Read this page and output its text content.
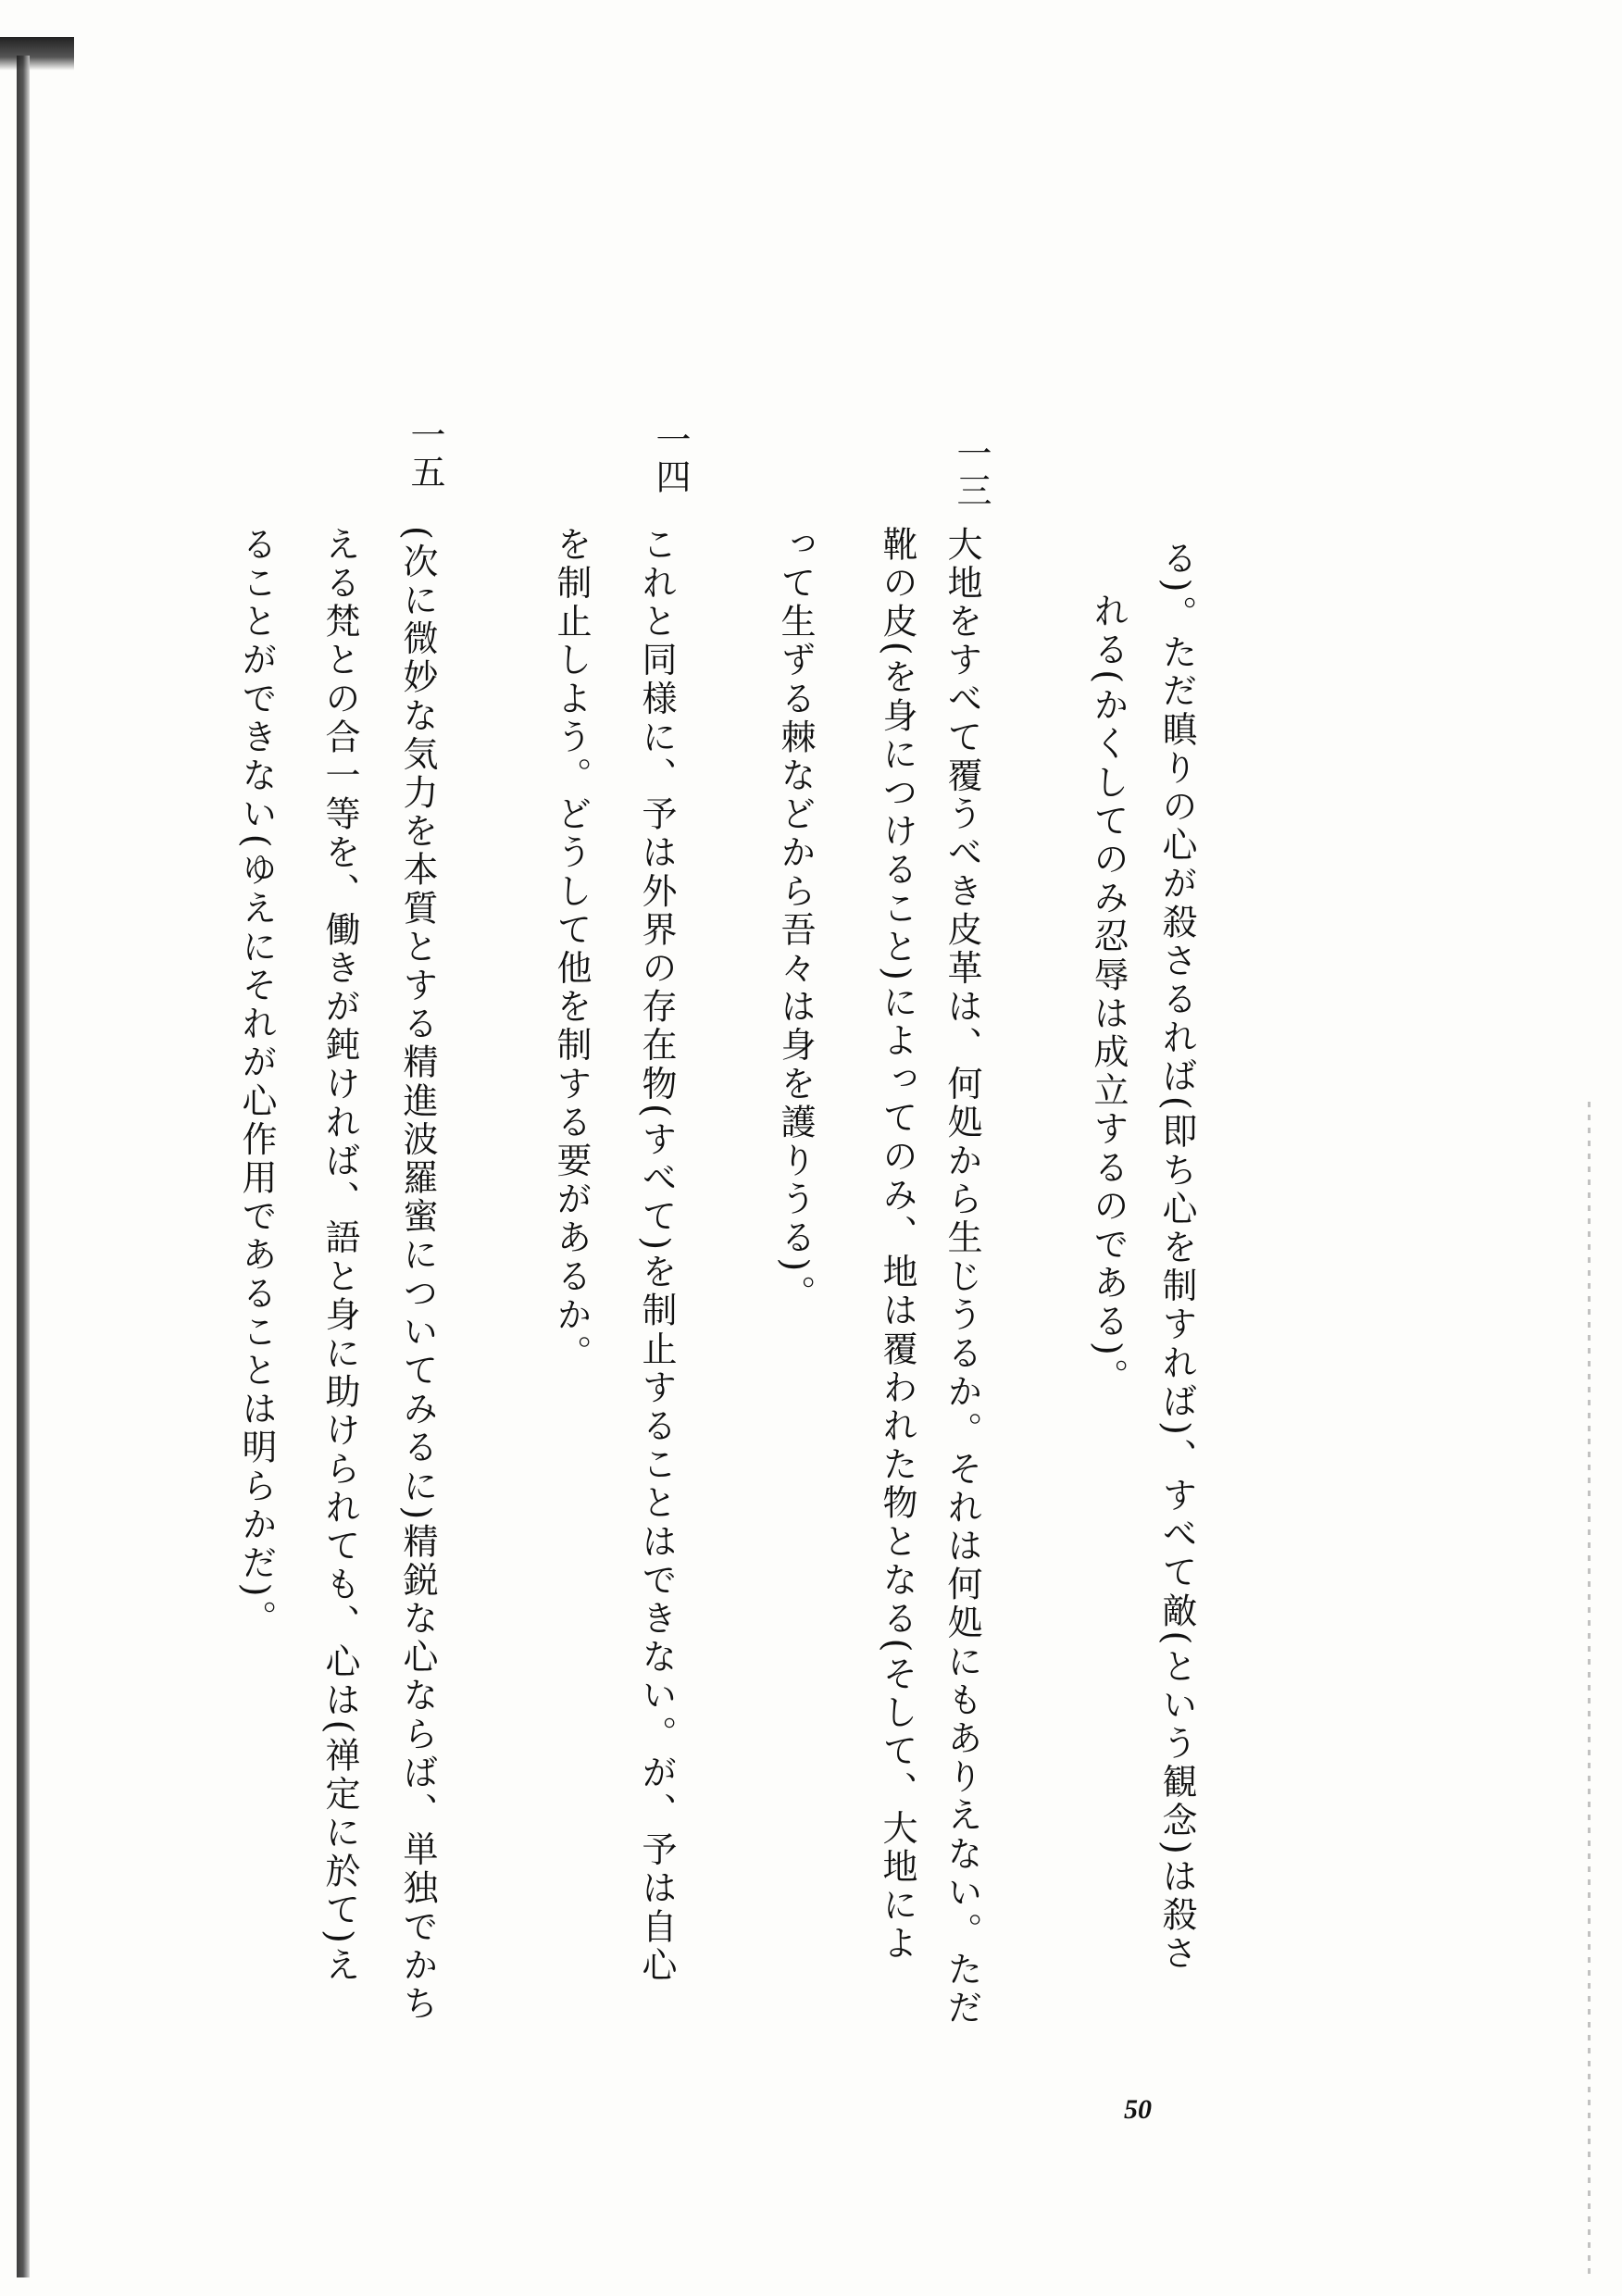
る)。ただ瞋りの心が殺さるれば(即ち心を制すれば)、すべて敵(という観念)は殺さ
れる(かくしてのみ忍辱は成立するのである)。
一三
大地をすべて覆うべき皮革は、何処から生じうるか。それは何処にもありえない。ただ
靴の皮(を身につけること)によってのみ、地は覆われた物となる(そして、大地によ
って生ずる棘などから吾々は身を護りうる)。
一四
これと同様に、予は外界の存在物(すべて)を制止することはできない。が、予は自心
を制止しよう。どうして他を制する要があるか。
一五
(次に微妙な気力を本質とする精進波羅蜜についてみるに)精鋭な心ならば、単独でかち
える梵との合一等を、働きが鈍ければ、語と身に助けられても、心は(禅定に於て)え
ることができない(ゆえにそれが心作用であることは明らかだ)。
50
